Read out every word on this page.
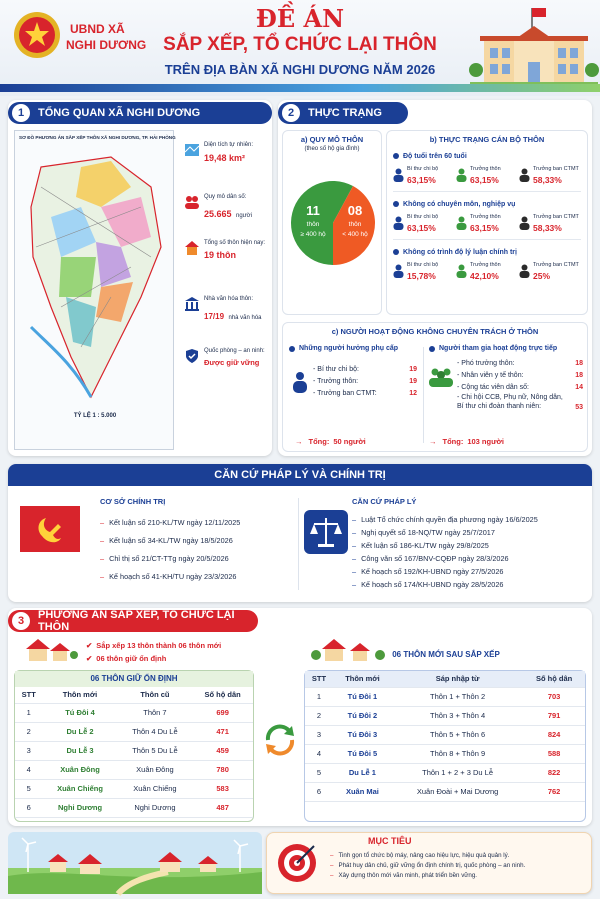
UBND XÃ
NGHI DƯƠNG
ĐỀ ÁN
SẮP XẾP, TỔ CHỨC LẠI THÔN
TRÊN ĐỊA BÀN XÃ NGHI DƯƠNG NĂM 2026
1	TỔNG QUAN XÃ NGHI DƯƠNG
SƠ ĐỒ PHƯƠNG ÁN SẮP XẾP THÔN XÃ NGHI DƯƠNG, TP. HẢI PHÒNG
TỶ LỆ 1 : 5.000
Diện tích tự nhiên:
19,48 km²
Quy mô dân số:
25.665 người
Tổng số thôn hiện nay:
19 thôn
Nhà văn hóa thôn:
17/19 nhà văn hóa
Quốc phòng – an ninh:
Được giữ vững
2	THỰC TRẠNG
a) QUY MÔ THÔN
(theo số hộ gia đình)
11
thôn
≥ 400 hộ
08
thôn
< 400 hộ
b) THỰC TRẠNG CÁN BỘ THÔN
Độ tuổi trên 60 tuổi
Bí thư chi bộ
63,15%
Trưởng thôn
63,15%
Trưởng ban CTMT
58,33%
Không có chuyên môn, nghiệp vụ
Bí thư chi bộ
63,15%
Trưởng thôn
63,15%
Trưởng ban CTMT
58,33%
Không có trình độ lý luận chính trị
Bí thư chi bộ
15,78%
Trưởng thôn
42,10%
Trưởng ban CTMT
25%
c) NGƯỜI HOẠT ĐỘNG KHÔNG CHUYÊN TRÁCH Ở THÔN
Những người hưởng phụ cấp
- Bí thư chi bộ:	19
- Trưởng thôn:	19
- Trưởng ban CTMT:	12
→ Tổng: 50 người
Người tham gia hoạt động trực tiếp
- Phó trưởng thôn:	18
- Nhân viên y tế thôn:	18
- Cộng tác viên dân số:	14
- Chi hội CCB, Phụ nữ, Nông dân, Bí thư chi đoàn thanh niên:	53
→ Tổng: 103 người
CĂN CỨ PHÁP LÝ VÀ CHÍNH TRỊ
CƠ SỞ CHÍNH TRỊ
– Kết luận số 210-KL/TW ngày 12/11/2025
– Kết luận số 34-KL/TW ngày 18/5/2026
– Chỉ thị số 21/CT-TTg ngày 20/5/2026
– Kế hoạch số 41-KH/TU ngày 23/3/2026
CĂN CỨ PHÁP LÝ
– Luật Tổ chức chính quyền địa phương ngày 16/6/2025
– Nghị quyết số 18-NQ/TW ngày 25/7/2017
– Kết luận số 186-KL/TW ngày 29/8/2025
– Công văn số 167/BNV-CQĐP ngày 28/3/2026
– Kế hoạch số 192/KH-UBND ngày 27/5/2026
– Kế hoạch số 174/KH-UBND ngày 28/5/2026
3	PHƯƠNG ÁN SẮP XẾP, TỔ CHỨC LẠI THÔN
✔ Sắp xếp 13 thôn thành 06 thôn mới
✔ 06 thôn giữ ổn định
06 THÔN GIỮ ỔN ĐỊNH
STT	Thôn mới	Thôn cũ	Số hộ dân
1	Tú Đôi 4	Thôn 7	699
2	Du Lễ 2	Thôn 4 Du Lễ	471
3	Du Lễ 3	Thôn 5 Du Lễ	459
4	Xuân Đông	Xuân Đông	780
5	Xuân Chiếng	Xuân Chiếng	583
6	Nghi Dương	Nghi Dương	487
06 THÔN MỚI SAU SẮP XẾP
STT	Thôn mới	Sáp nhập từ	Số hộ dân
1	Tú Đôi 1	Thôn 1 + Thôn 2	703
2	Tú Đôi 2	Thôn 3 + Thôn 4	791
3	Tú Đôi 3	Thôn 5 + Thôn 6	824
4	Tú Đôi 5	Thôn 8 + Thôn 9	588
5	Du Lễ 1	Thôn 1 + 2 + 3 Du Lễ	822
6	Xuân Mai	Xuân Đoài + Mai Dương	762
MỤC TIÊU
– Tinh gọn tổ chức bộ máy, nâng cao hiệu lực, hiệu quả quản lý.
– Phát huy dân chủ, giữ vững ổn định chính trị, quốc phòng – an ninh.
– Xây dựng thôn mới văn minh, phát triển bền vững.
